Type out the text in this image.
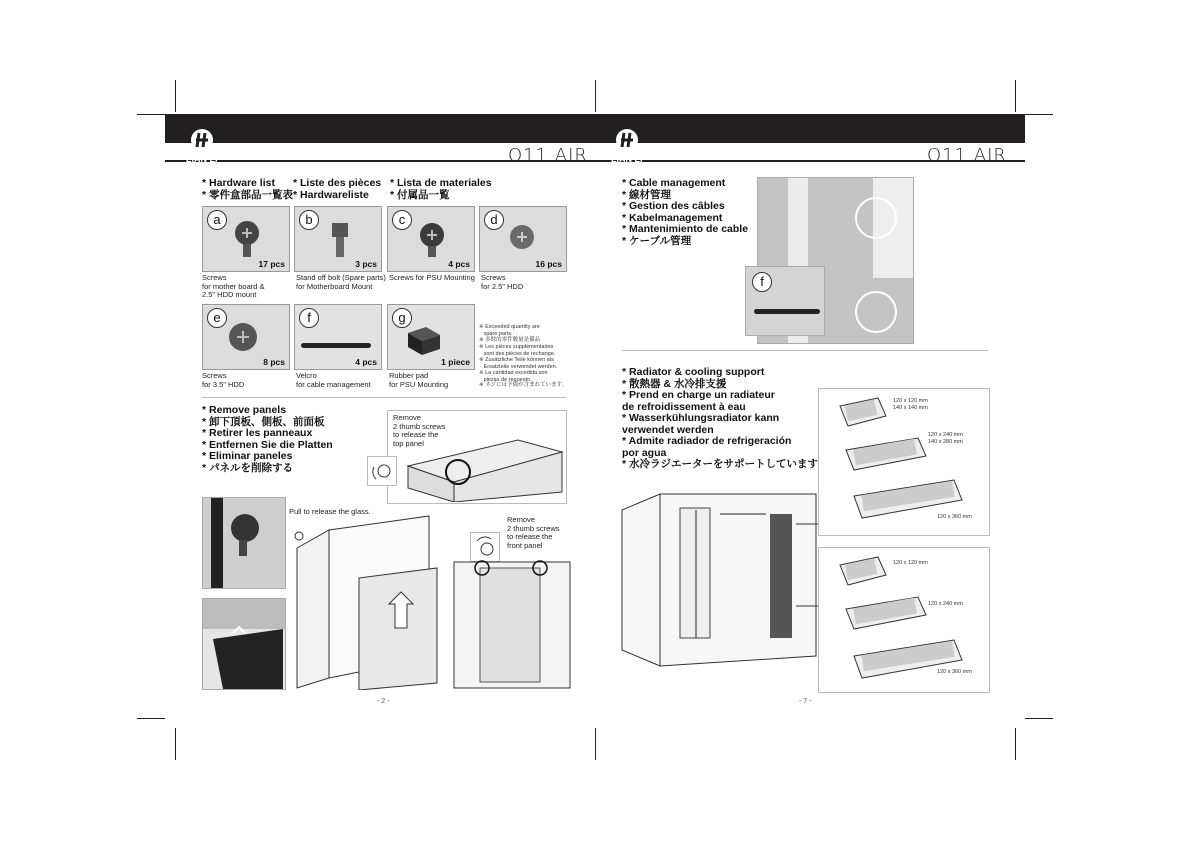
LIAN LI	LIAN LI
O11 AIR	O11 AIR
* Hardware list
* 零件盒部品一覧表
* Liste des pièces
* Hardwareliste
* Lista de materiales
* 付属品一覧
a
17 pcs
b
3 pcs
c
4 pcs
d
16 pcs
Screws
for mother board &
2.5" HDD mount
Stand off bolt (Spare parts)
for Motherboard Mount
Screws for PSU Mounting Screws
for 2.5" HDD
e
8 pcs
f
4 pcs
g
1 piece
Screws
for 3.5" HDD
Velcro
for cable management
Rubber pad
for PSU Mounting
※ Exceeded quantity are
spare parts.
※ 多餘的零件數量是備品
※ Les pièces supplémentaires
sont des pièces de rechange.
※ Zusätzliche Teile können als
Ersatzteile verwendet werden.
※ La cantidad excedida son
piezas de repuesto.
※ ネジには予備が含まれています。
* Remove panels
* 卸下頂板、側板、前面板
* Retirer les panneaux
* Entfernen Sie die Platten
* Eliminar paneles
* パネルを削除する
Remove
2 thumb screws
to release the
top panel
Pull to release the glass.
Remove
2 thumb screws
to release the
front panel
- 2 -
* Cable management
* 線材管理
* Gestion des câbles
* Kabelmanagement
* Mantenimiento de cable
* ケーブル管理
f
* Radiator & cooling support
* 散熱器 & 水冷排支援
* Prend en charge un radiateur
de refroidissement à eau
* Wasserkühlungsradiator kann
verwendet werden
* Admite radiador de refrigeración
por agua
* 水冷ラジエーターをサポートしています
120 x 120 mm
140 x 140 mm
120 x 240 mm
140 x 280 mm
120 x 360 mm
120 x 120 mm
120 x 240 mm
120 x 360 mm
- 7 -
